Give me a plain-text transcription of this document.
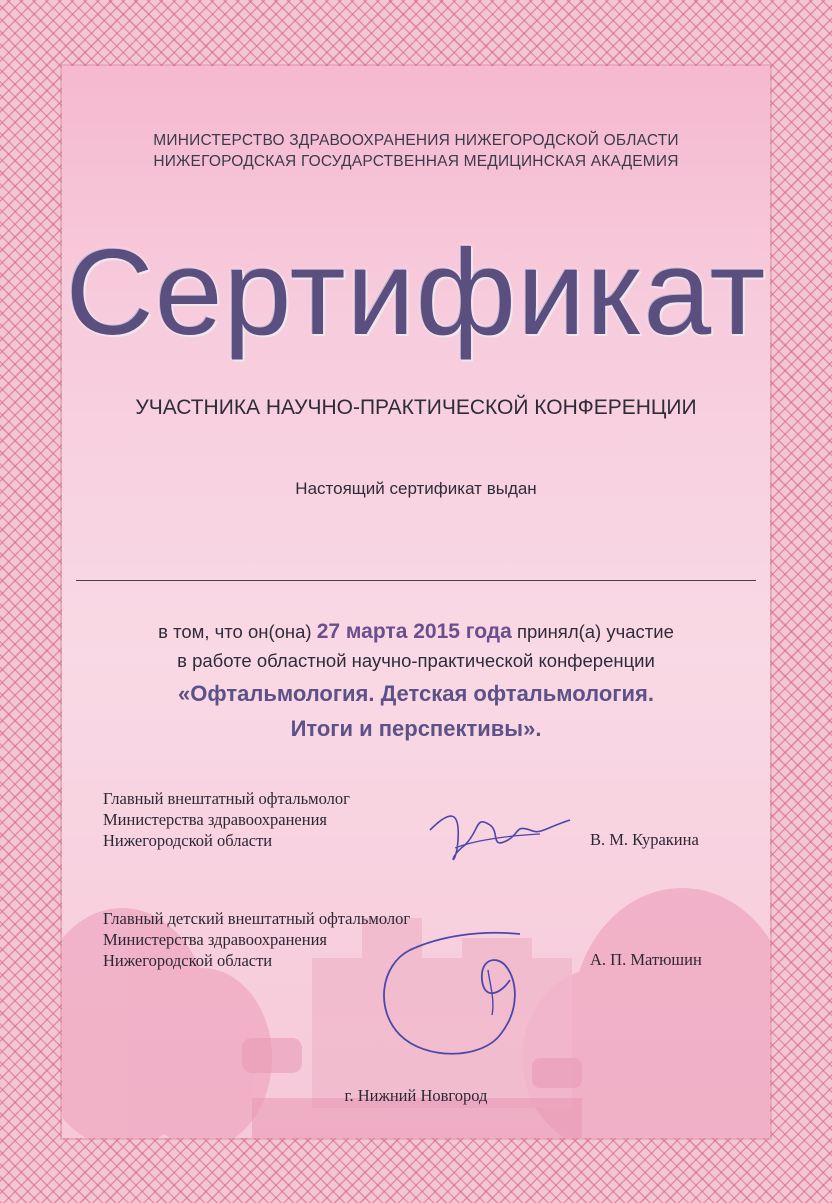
МИНИСТЕРСТВО ЗДРАВООХРАНЕНИЯ НИЖЕГОРОДСКОЙ ОБЛАСТИ
НИЖЕГОРОДСКАЯ ГОСУДАРСТВЕННАЯ МЕДИЦИНСКАЯ АКАДЕМИЯ
Сертификат
УЧАСТНИКА НАУЧНО-ПРАКТИЧЕСКОЙ КОНФЕРЕНЦИИ
Настоящий сертификат выдан
в том, что он(она) 27 марта 2015 года принял(а) участие
в работе областной научно-практической конференции
«Офтальмология. Детская офтальмология.
Итоги и перспективы».
Главный внештатный офтальмолог
Министерства здравоохранения
Нижегородской области	В. М. Куракина
Главный детский внештатный офтальмолог
Министерства здравоохранения
Нижегородской области	А. П. Матюшин
г. Нижний Новгород
